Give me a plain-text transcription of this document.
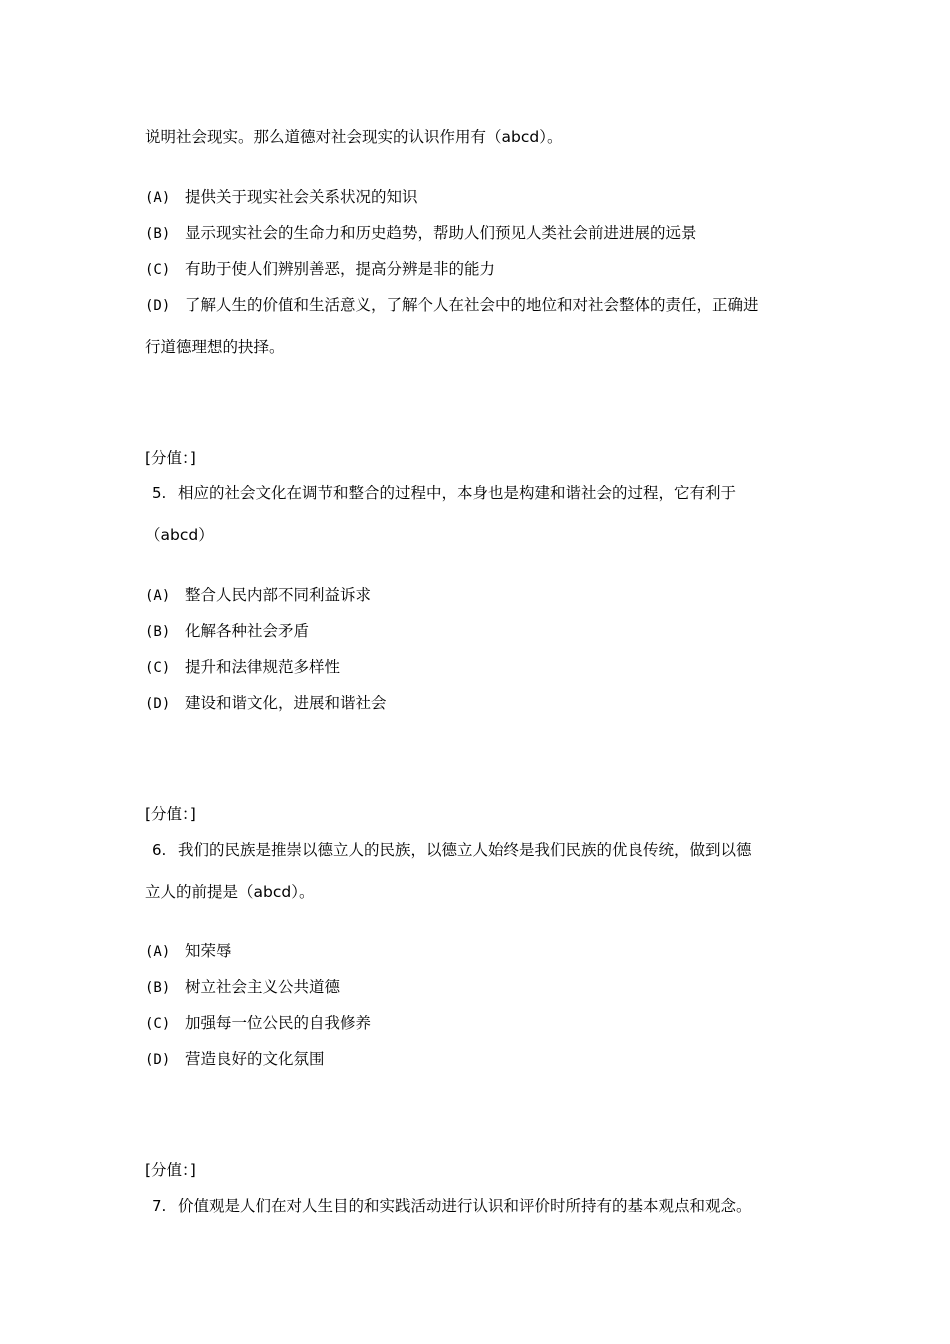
说明社会现实。那么道德对社会现实的认识作用有（abcd）。
(A) 提供关于现实社会关系状况的知识
(B) 显示现实社会的生命力和历史趋势，帮助人们预见人类社会前进进展的远景
(C) 有助于使人们辨别善恶，提高分辨是非的能力
(D) 了解人生的价值和生活意义，了解个人在社会中的地位和对社会整体的责任，正确进
行道德理想的抉择。
[分值：]
5. 相应的社会文化在调节和整合的过程中，本身也是构建和谐社会的过程，它有利于
（abcd）
(A) 整合人民内部不同利益诉求
(B) 化解各种社会矛盾
(C) 提升和法律规范多样性
(D) 建设和谐文化，进展和谐社会
[分值：]
6. 我们的民族是推崇以德立人的民族，以德立人始终是我们民族的优良传统，做到以德
立人的前提是（abcd）。
(A) 知荣辱
(B) 树立社会主义公共道德
(C) 加强每一位公民的自我修养
(D) 营造良好的文化氛围
[分值：]
7. 价值观是人们在对人生目的和实践活动进行认识和评价时所持有的基本观点和观念。
